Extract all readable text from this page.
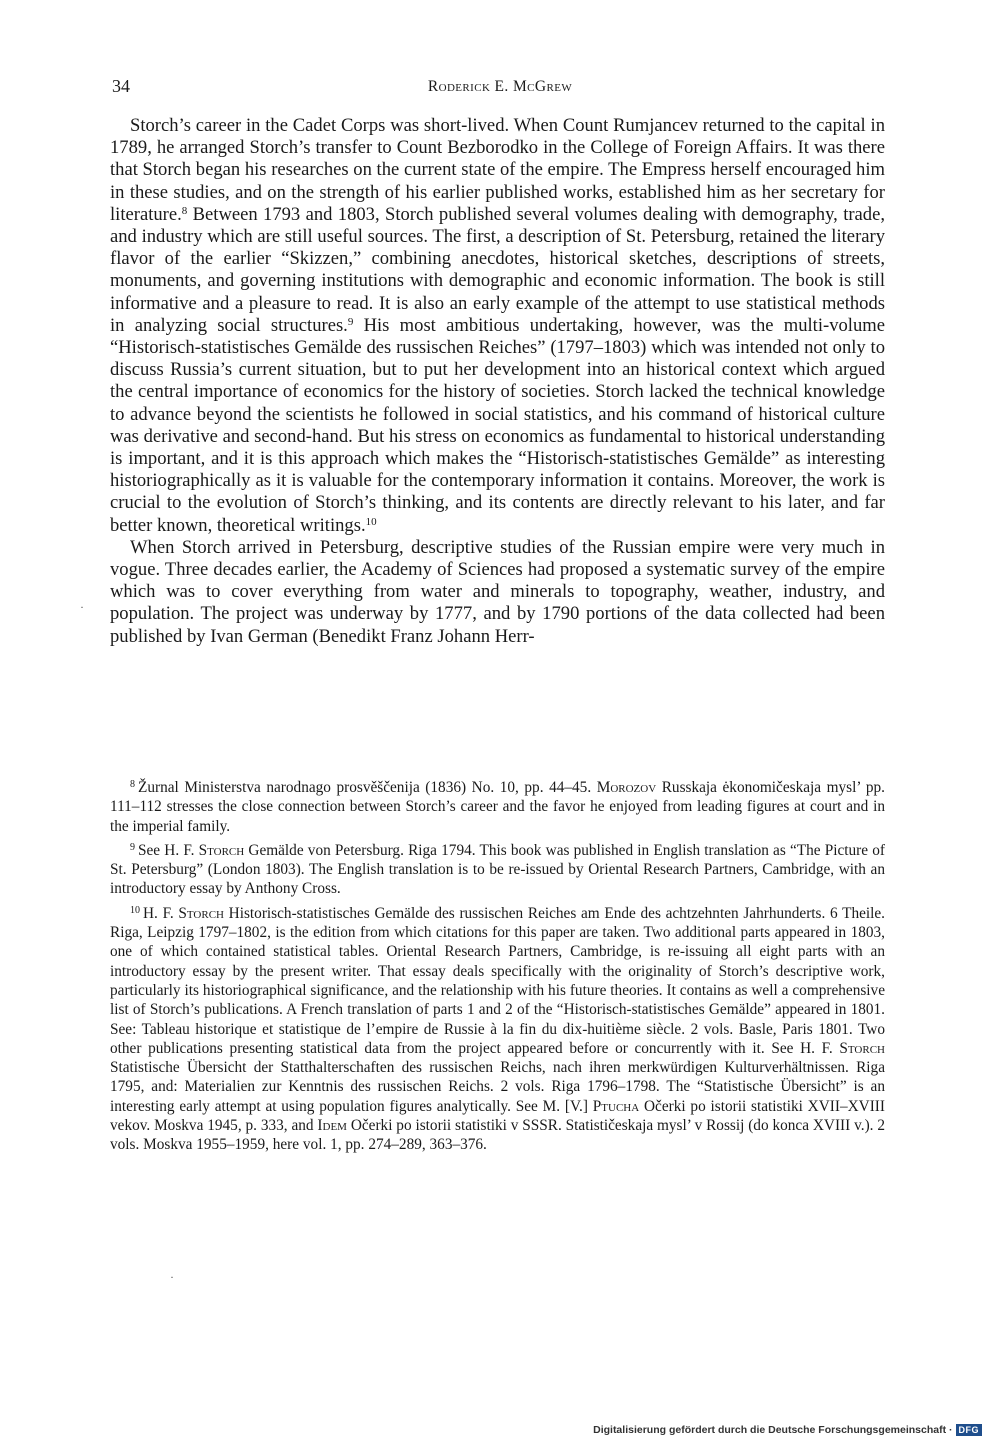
34	Roderick E. McGrew

Storch’s career in the Cadet Corps was short-lived. When Count Rumjancev returned to the capital in 1789, he arranged Storch’s transfer to Count Bezborodko in the College of Foreign Affairs. It was there that Storch began his researches on the current state of the empire. The Empress herself encouraged him in these studies, and on the strength of his earlier published works, established him as her secretary for literature.$^8$ Between 1793 and 1803, Storch published several volumes dealing with demography, trade, and industry which are still useful sources. The first, a description of St. Petersburg, retained the literary flavor of the earlier “Skizzen,” combining anecdotes, historical sketches, descriptions of streets, monuments, and governing institutions with demographic and economic information. The book is still informative and a pleasure to read. It is also an early example of the attempt to use statistical methods in analyzing social structures.$^9$ His most ambitious undertaking, however, was the multi-volume “Historisch-statistisches Gemälde des russischen Reiches” (1797–1803) which was intended not only to discuss Russia’s current situation, but to put her development into an historical context which argued the central importance of economics for the history of societies. Storch lacked the technical knowledge to advance beyond the scientists he followed in social statistics, and his command of historical culture was derivative and second-hand. But his stress on economics as fundamental to historical understanding is important, and it is this approach which makes the “Historisch-statistisches Gemälde” as interesting historiographically as it is valuable for the contemporary information it contains. Moreover, the work is crucial to the evolution of Storch’s thinking, and its contents are directly relevant to his later, and far better known, theoretical writings.$^{10}$

When Storch arrived in Petersburg, descriptive studies of the Russian empire were very much in vogue. Three decades earlier, the Academy of Sciences had proposed a systematic survey of the empire which was to cover everything from water and minerals to topography, weather, industry, and population. The project was underway by 1777, and by 1790 portions of the data collected had been published by Ivan German (Benedikt Franz Johann Herr-

$^8$ Žurnal Ministerstva narodnago prosvěščenija (1836) No. 10, pp. 44–45. Morozov Russkaja ėkonomičeskaja mysl’ pp. 111–112 stresses the close connection between Storch’s career and the favor he enjoyed from leading figures at court and in the imperial family.

$^9$ See H. F. Storch Gemälde von Petersburg. Riga 1794. This book was published in English translation as “The Picture of St. Petersburg” (London 1803). The English translation is to be re-issued by Oriental Research Partners, Cambridge, with an introductory essay by Anthony Cross.

$^{10}$ H. F. Storch Historisch-statistisches Gemälde des russischen Reiches am Ende des achtzehnten Jahrhunderts. 6 Theile. Riga, Leipzig 1797–1802, is the edition from which citations for this paper are taken. Two additional parts appeared in 1803, one of which contained statistical tables. Oriental Research Partners, Cambridge, is re-issuing all eight parts with an introductory essay by the present writer. That essay deals specifically with the originality of Storch’s descriptive work, particularly its historiographical significance, and the relationship with his future theories. It contains as well a comprehensive list of Storch’s publications. A French translation of parts 1 and 2 of the “Historisch-statistisches Gemälde” appeared in 1801. See: Tableau historique et statistique de l’empire de Russie à la fin du dix-huitième siècle. 2 vols. Basle, Paris 1801. Two other publications presenting statistical data from the project appeared before or concurrently with it. See H. F. Storch Statistische Übersicht der Statthalterschaften des russischen Reichs, nach ihren merkwürdigen Kulturverhältnissen. Riga 1795, and: Materialien zur Kenntnis des russischen Reichs. 2 vols. Riga 1796–1798. The “Statistische Übersicht” is an interesting early attempt at using population figures analytically. See M. [V.] Ptucha Očerki po istorii statistiki XVII–XVIII vekov. Moskva 1945, p. 333, and Idem Očerki po istorii statistiki v SSSR. Statističeskaja mysl’ v Rossij (do konca XVIII v.). 2 vols. Moskva 1955–1959, here vol. 1, pp. 274–289, 363–376.

·
·
Digitalisierung gefördert durch die Deutsche Forschungsgemeinschaft · DFG
